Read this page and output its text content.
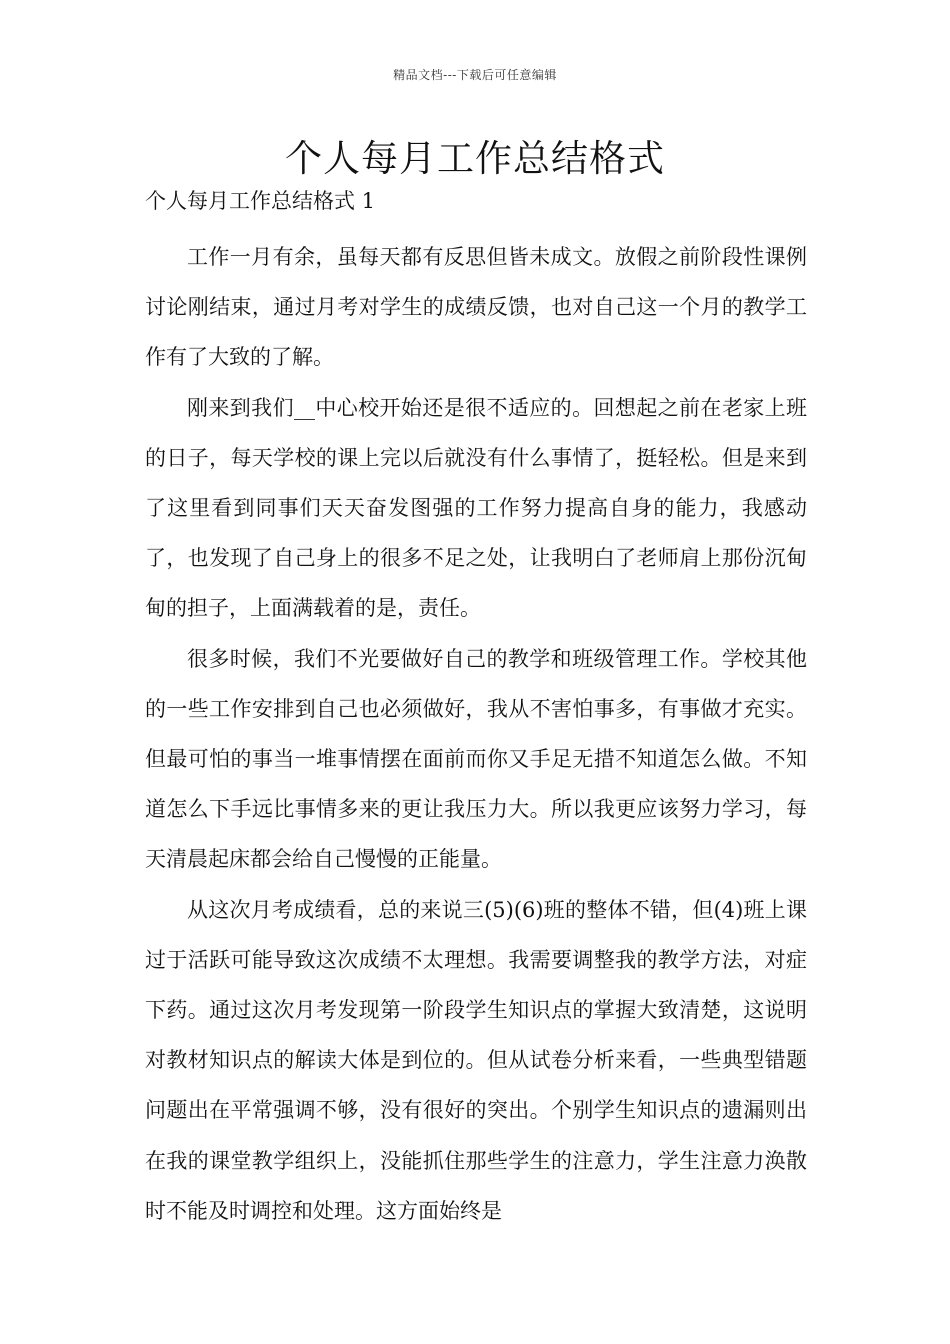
精品文档---下载后可任意编辑
个人每月工作总结格式

个人每月工作总结格式 1

工作一月有余，虽每天都有反思但皆未成文。放假之前阶段性课例讨论刚结束，通过月考对学生的成绩反馈，也对自己这一个月的教学工作有了大致的了解。

刚来到我们__中心校开始还是很不适应的。回想起之前在老家上班的日子，每天学校的课上完以后就没有什么事情了，挺轻松。但是来到了这里看到同事们天天奋发图强的工作努力提高自身的能力，我感动了，也发现了自己身上的很多不足之处，让我明白了老师肩上那份沉甸甸的担子，上面满载着的是，责任。

很多时候，我们不光要做好自己的教学和班级管理工作。学校其他的一些工作安排到自己也必须做好，我从不害怕事多，有事做才充实。但最可怕的事当一堆事情摆在面前而你又手足无措不知道怎么做。不知道怎么下手远比事情多来的更让我压力大。所以我更应该努力学习，每天清晨起床都会给自己慢慢的正能量。

从这次月考成绩看，总的来说三(5)(6)班的整体不错，但(4)班上课过于活跃可能导致这次成绩不太理想。我需要调整我的教学方法，对症下药。通过这次月考发现第一阶段学生知识点的掌握大致清楚，这说明对教材知识点的解读大体是到位的。但从试卷分析来看，一些典型错题问题出在平常强调不够，没有很好的突出。个别学生知识点的遗漏则出在我的课堂教学组织上，没能抓住那些学生的注意力，学生注意力涣散时不能及时调控和处理。这方面始终是
